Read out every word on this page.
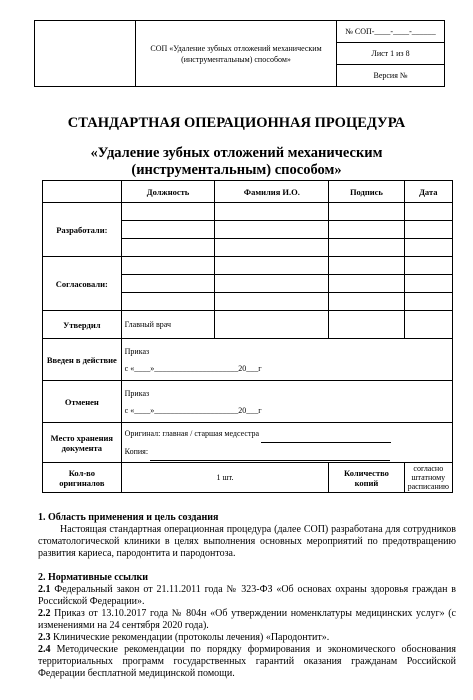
	СОП «Удаление зубных отложений механическим (инструментальным) способом»	№ СОП-____-____-______
Лист 1 из 8
Версия №
СТАНДАРТНАЯ ОПЕРАЦИОННАЯ ПРОЦЕДУРА
«Удаление зубных отложений механическим (инструментальным) способом»
	Должность	Фамилия И.О.	Подпись	Дата
Разработали:				

Согласовали:				

Утвердил	Главный врач			
Введен в действие	Приказ
с «____»_____________________20___г			

Отменен	Приказ
с «____»_____________________20___г			

Место хранения документа	Оригинал: главная / старшая медсестра
Копия:			

Кол-во оригиналов	1 шт.		Количество копий	согласно штатному расписанию
1. Область применения и цель создания
Настоящая стандартная операционная процедура (далее СОП) разработана для сотрудников стоматологической клиники в целях выполнения основных мероприятий по предотвращению развития кариеса, пародонтита и пародонтоза.
2. Нормативные ссылки
2.1 Федеральный закон от 21.11.2011 года № 323-ФЗ «Об основах охраны здоровья граждан в Российской Федерации».
2.2 Приказ от 13.10.2017 года № 804н «Об утверждении номенклатуры медицинских услуг» (с изменениями на 24 сентября 2020 года).
2.3 Клинические рекомендации (протоколы лечения) «Пародонтит».
2.4 Методические рекомендации по порядку формирования и экономического обоснования территориальных программ государственных гарантий оказания гражданам Российской Федерации бесплатной медицинской помощи.
